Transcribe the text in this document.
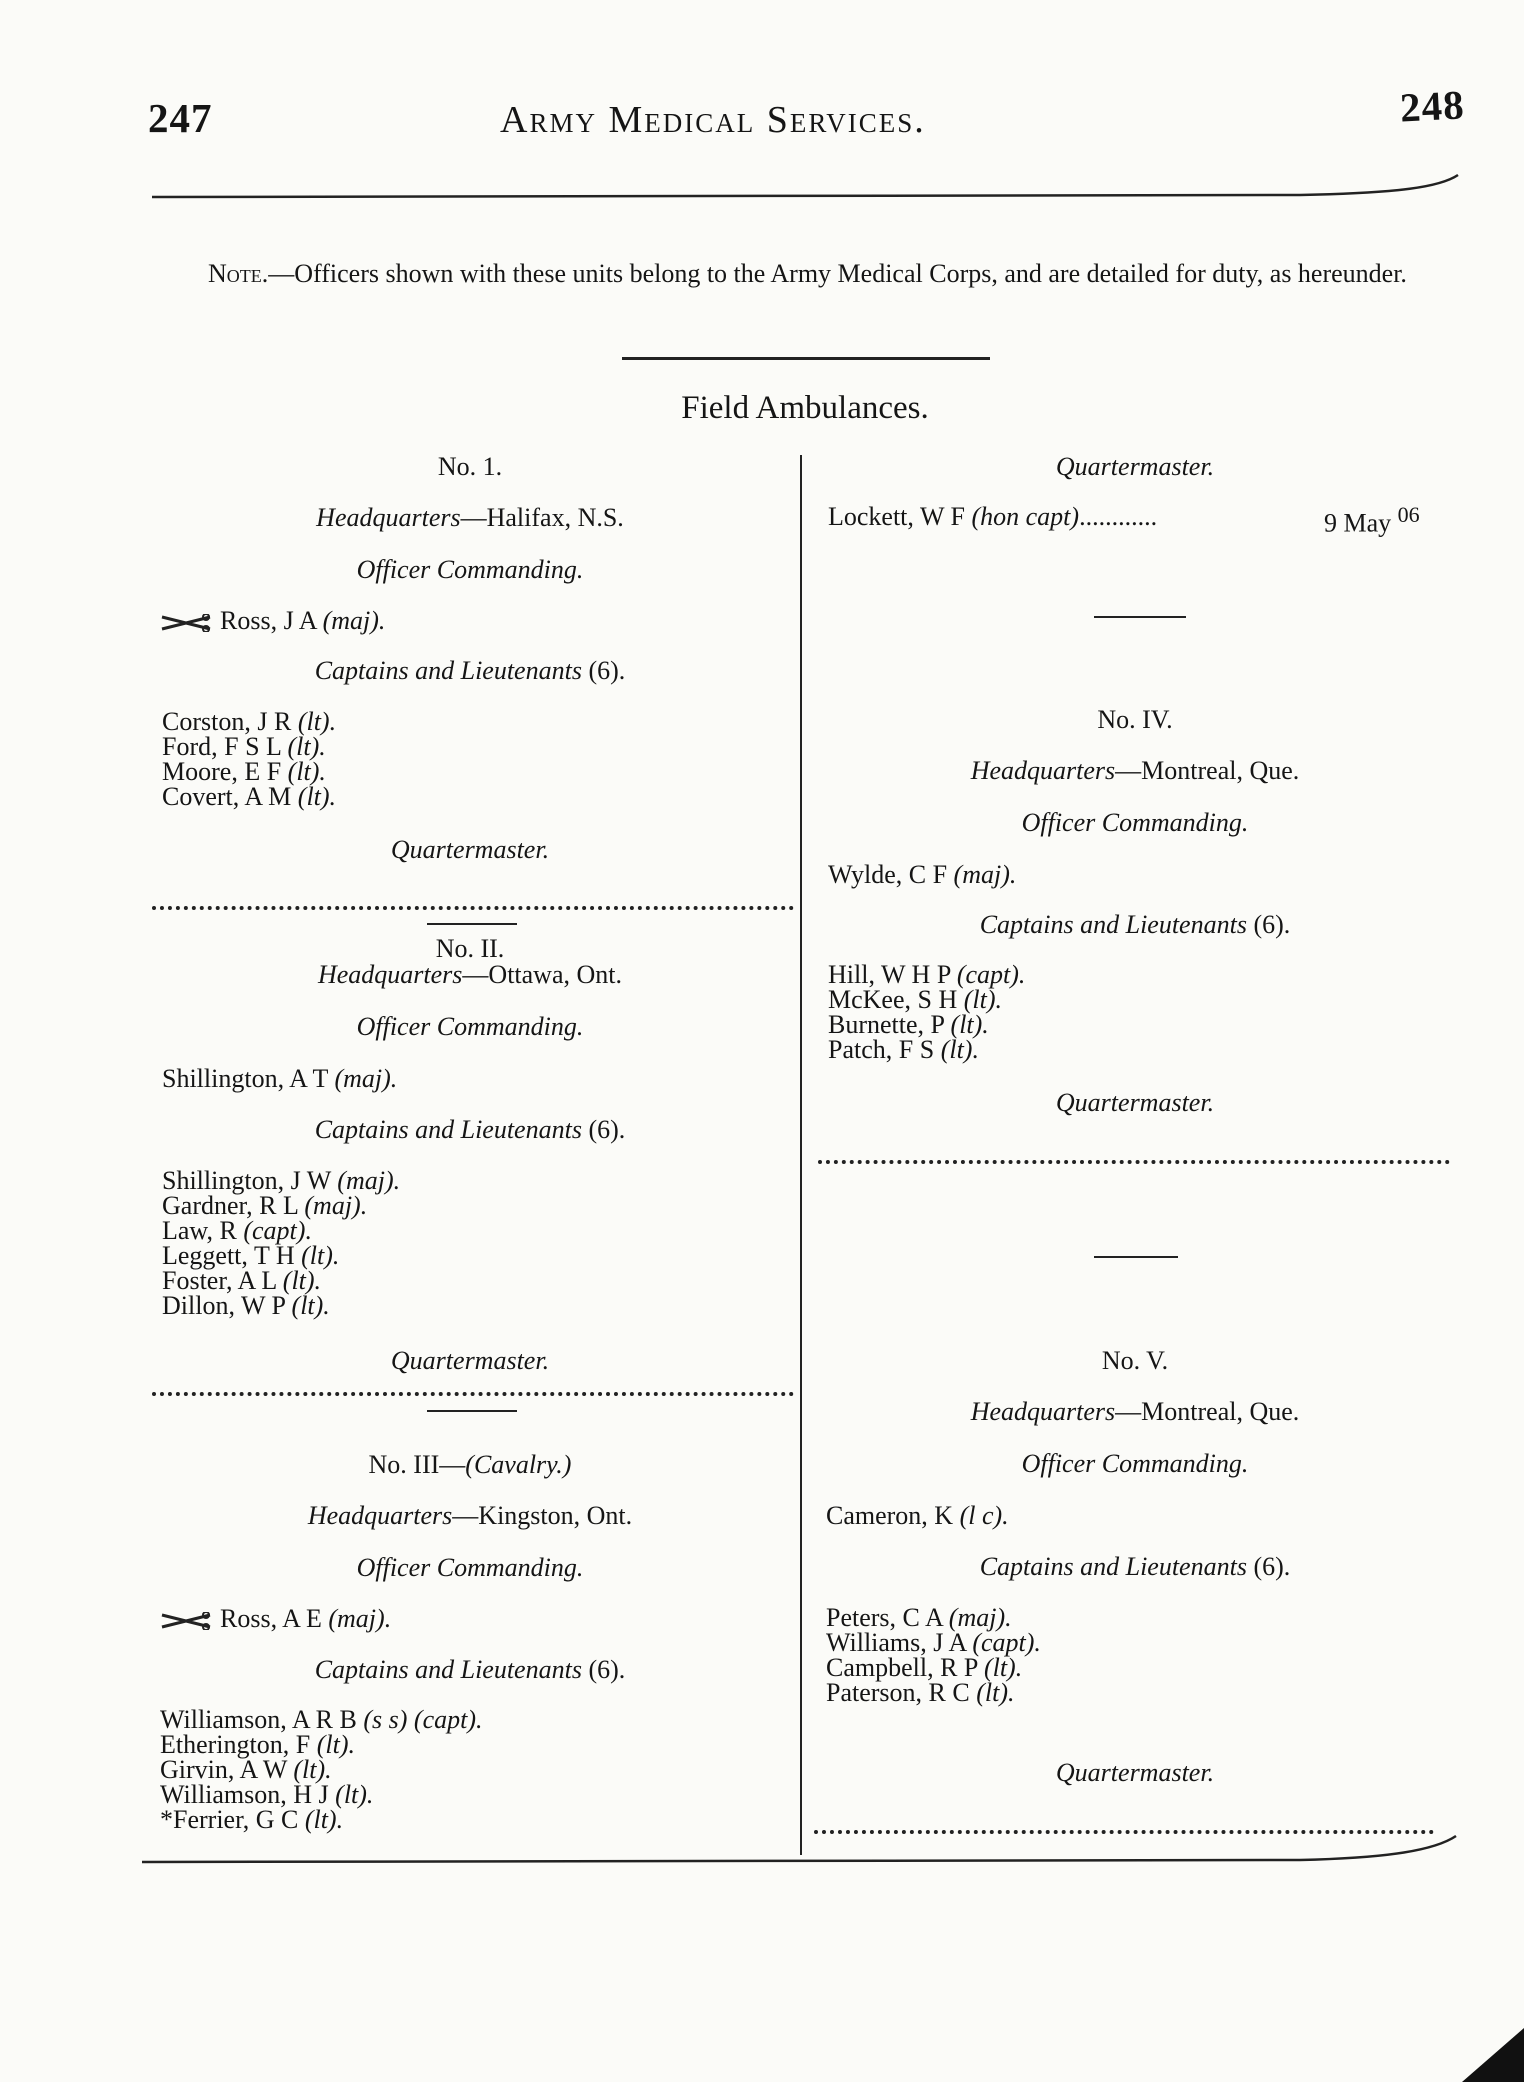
247	Army Medical Services.	248
Note.—Officers shown with these units belong to the Army Medical Corps, and are detailed for duty, as hereunder.
Field Ambulances.
No. 1.
Headquarters—Halifax, N.S.
Officer Commanding.
Ross, J A (maj).
Captains and Lieutenants (6).
Corston, J R (lt).
Ford, F S L (lt).
Moore, E F (lt).
Covert, A M (lt).
Quartermaster.
No. II.
Headquarters—Ottawa, Ont.
Officer Commanding.
Shillington, A T (maj).
Captains and Lieutenants (6).
Shillington, J W (maj).
Gardner, R L (maj).
Law, R (capt).
Leggett, T H (lt).
Foster, A L (lt).
Dillon, W P (lt).
Quartermaster.
No. III—(Cavalry.)
Headquarters—Kingston, Ont.
Officer Commanding.
Ross, A E (maj).
Captains and Lieutenants (6).
Williamson, A R B (s s) (capt).
Etherington, F (lt).
Girvin, A W (lt).
Williamson, H J (lt).
*Ferrier, G C (lt).
Quartermaster.
Lockett, W F (hon capt)............	9 May $^{06}$
No. IV.
Headquarters—Montreal, Que.
Officer Commanding.
Wylde, C F (maj).
Captains and Lieutenants (6).
Hill, W H P (capt).
McKee, S H (lt).
Burnette, P (lt).
Patch, F S (lt).
Quartermaster.
No. V.
Headquarters—Montreal, Que.
Officer Commanding.
Cameron, K (l c).
Captains and Lieutenants (6).
Peters, C A (maj).
Williams, J A (capt).
Campbell, R P (lt).
Paterson, R C (lt).
Quartermaster.
